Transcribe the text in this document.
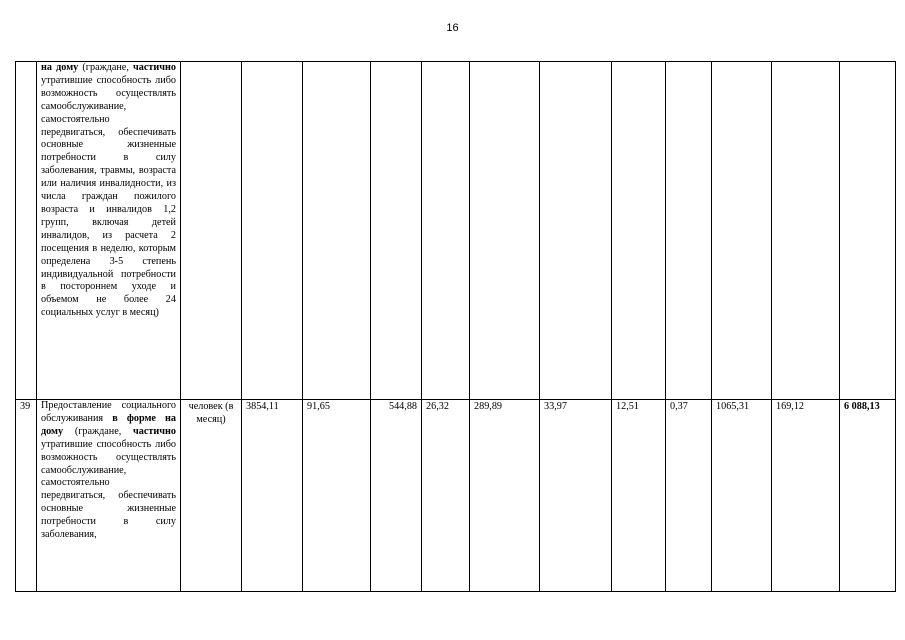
16
	на дому (граждане, частично утратившие способность либо возможность осуществлять самообслуживание, самостоятельно передвигаться, обеспечивать основные жизненные потребности в силу заболевания, травмы, возраста или наличия инвалидности, из числа граждан пожилого возраста и инвалидов 1,2 групп, включая детей инвалидов, из расчета 2 посещения в неделю, которым определена 3-5 степень индивидуальной потребности в постороннем уходе и объемом не более 24 социальных услуг в месяц)												
39	Предоставление социального обслуживания в форме на дому (граждане, частично утратившие способность либо возможность осуществлять самообслуживание, самостоятельно передвигаться, обеспечивать основные жизненные потребности в силу заболевания,	человек (в месяц)	3854,11	91,65	544,88	26,32	289,89	33,97	12,51	0,37	1065,31	169,12	6 088,13
